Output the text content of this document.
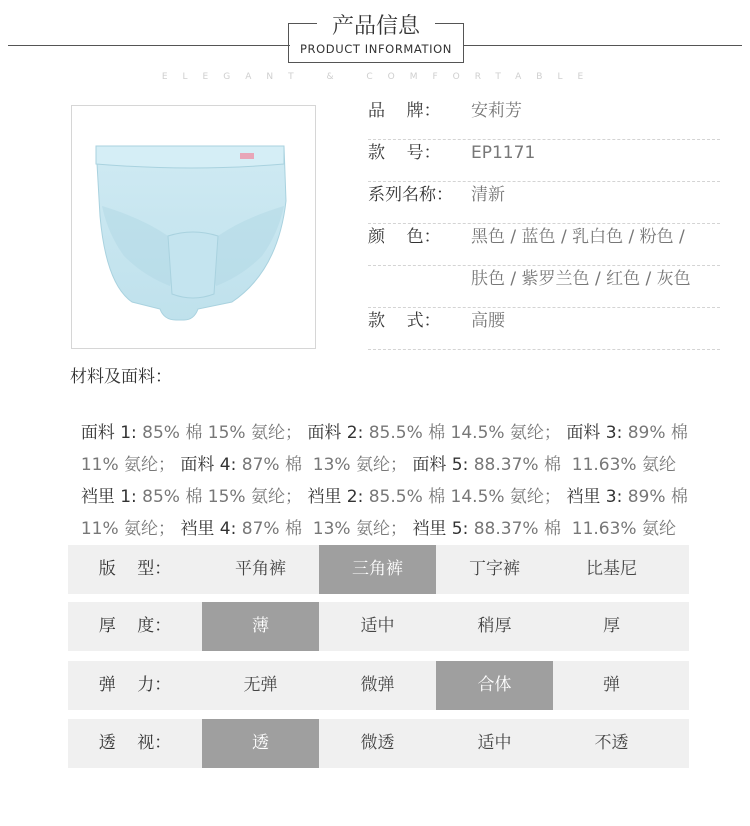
产品信息
PRODUCT INFORMATION
ELEGANT & COMFORTABLE
品    牌：	安莉芳
款    号：	EP1171
系列名称： 清新
颜    色：	黑色 / 蓝色 / 乳白色 / 粉色 /
肤色 / 紫罗兰色 / 红色 / 灰色
款    式：	高腰
材料及面料：

面料 1: 85% 棉 15% 氨纶； 面料 2: 85.5% 棉 14.5% 氨纶； 面料 3: 89% 棉

11% 氨纶； 面料 4: 87% 棉  13% 氨纶； 面料 5: 88.37% 棉  11.63% 氨纶

裆里 1: 85% 棉 15% 氨纶； 裆里 2: 85.5% 棉 14.5% 氨纶； 裆里 3: 89% 棉

11% 氨纶； 裆里 4: 87% 棉  13% 氨纶； 裆里 5: 88.37% 棉  11.63% 氨纶

版    型：	平角裤	三角裤	丁字裤	比基尼
厚    度：	薄	适中	稍厚	厚
弹    力：	无弹	微弹	合体	弹
透    视：	透	微透	适中	不透
